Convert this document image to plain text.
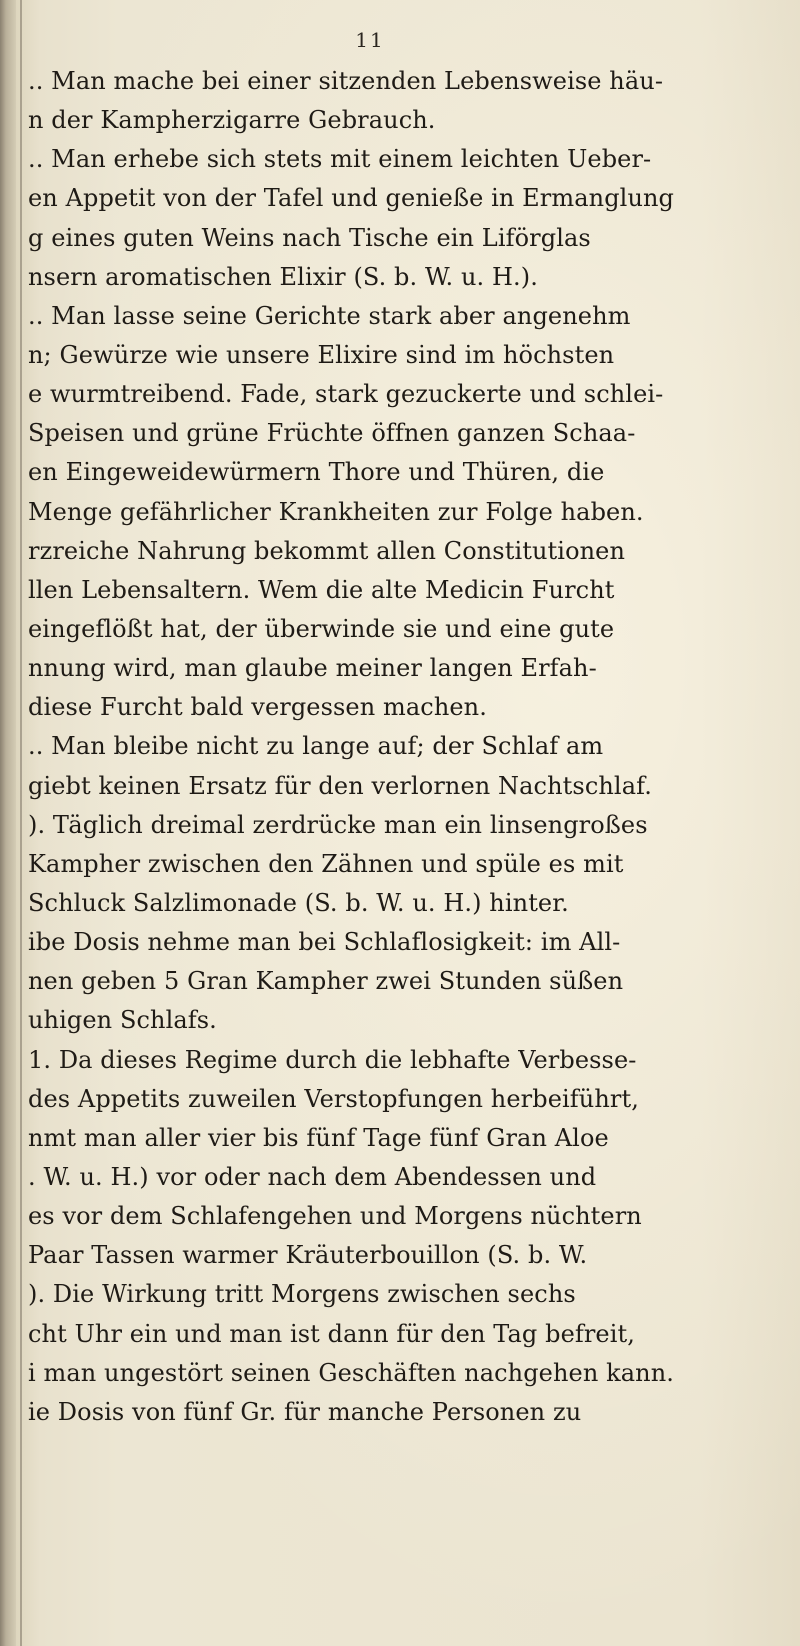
11
.. Man mache bei einer sitzenden Lebensweise häu-
n der Kampherzigarre Gebrauch.
.. Man erhebe sich stets mit einem leichten Ueber-
en Appetit von der Tafel und genieße in Ermanglung
g eines guten Weins nach Tische ein Liförglas
nsern aromatischen Elixir (S. b. W. u. H.).
.. Man lasse seine Gerichte stark aber angenehm
n; Gewürze wie unsere Elixire sind im höchsten
e wurmtreibend. Fade, stark gezuckerte und schlei-
Speisen und grüne Früchte öffnen ganzen Schaa-
en Eingeweidewürmern Thore und Thüren, die
Menge gefährlicher Krankheiten zur Folge haben.
rzreiche Nahrung bekommt allen Constitutionen
llen Lebensaltern. Wem die alte Medicin Furcht
eingeflößt hat, der überwinde sie und eine gute
nnung wird, man glaube meiner langen Erfah-
diese Furcht bald vergessen machen.
.. Man bleibe nicht zu lange auf; der Schlaf am
giebt keinen Ersatz für den verlornen Nachtschlaf.
). Täglich dreimal zerdrücke man ein linsengroßes
Kampher zwischen den Zähnen und spüle es mit
Schluck Salzlimonade (S. b. W. u. H.) hinter.
ibe Dosis nehme man bei Schlaflosigkeit: im All-
nen geben 5 Gran Kampher zwei Stunden süßen
uhigen Schlafs.
1. Da dieses Regime durch die lebhafte Verbesse-
des Appetits zuweilen Verstopfungen herbeiführt,
nmt man aller vier bis fünf Tage fünf Gran Aloe
. W. u. H.) vor oder nach dem Abendessen und
es vor dem Schlafengehen und Morgens nüchtern
Paar Tassen warmer Kräuterbouillon (S. b. W.
). Die Wirkung tritt Morgens zwischen sechs
cht Uhr ein und man ist dann für den Tag befreit,
i man ungestört seinen Geschäften nachgehen kann.
ie Dosis von fünf Gr. für manche Personen zu
